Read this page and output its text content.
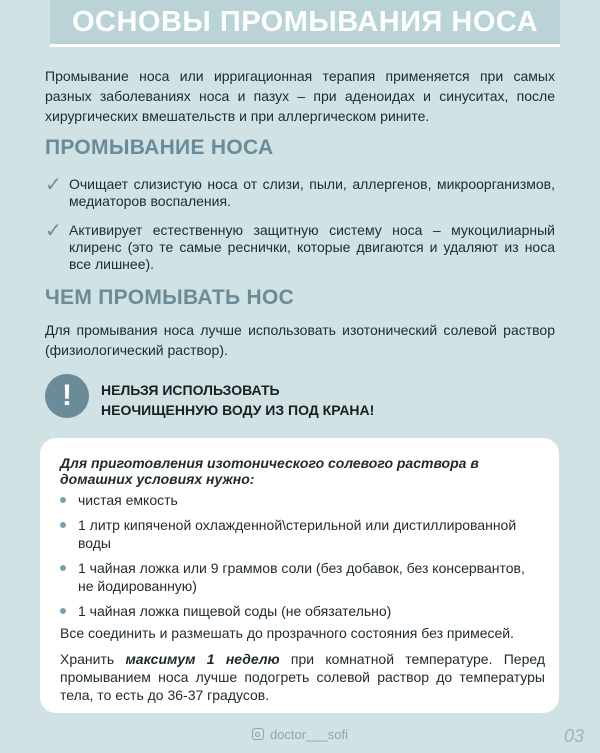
ОСНОВЫ ПРОМЫВАНИЯ НОСА
Промывание носа или ирригационная терапия применяется при самых разных заболеваниях носа и пазух – при аденоидах и синуситах, после хирургических вмешательств и при аллергическом рините.
ПРОМЫВАНИЕ НОСА
✓ Очищает слизистую носа от слизи, пыли, аллергенов, микроорганизмов, медиаторов воспаления.
✓ Активирует естественную защитную систему носа – мукоцилиарный клиренс (это те самые реснички, которые двигаются и удаляют из носа все лишнее).
ЧЕМ ПРОМЫВАТЬ НОС
Для промывания носа лучше использовать изотонический солевой раствор (физиологический раствор).
! НЕЛЬЗЯ ИСПОЛЬЗОВАТЬ
НЕОЧИЩЕННУЮ ВОДУ ИЗ ПОД КРАНА!
Для приготовления изотонического солевого раствора в домашних условиях нужно:
чистая емкость
1 литр кипяченой охлажденной\стерильной или дистиллированной воды
1 чайная ложка или 9 граммов соли (без добавок, без консервантов, не йодированную)
1 чайная ложка пищевой соды (не обязательно)
Все соединить и размешать до прозрачного состояния без примесей.
Хранить максимум 1 неделю при комнатной температуре. Перед промыванием носа лучше подогреть солевой раствор до температуры тела, то есть до 36-37 градусов.
doctor___sofi	03
